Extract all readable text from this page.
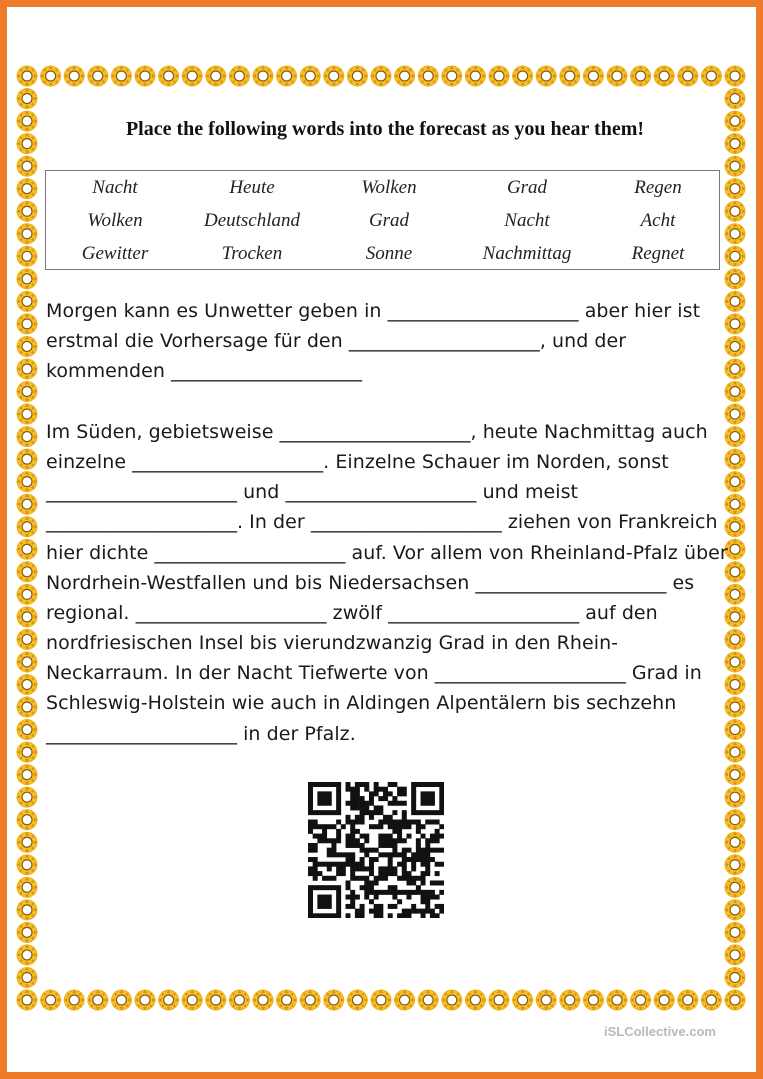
Place the following words into the forecast as you hear them!
Nacht	Heute	Wolken	Grad	Regen
Wolken	Deutschland	Grad	Nacht	Acht
Gewitter	Trocken	Sonne	Nachmittag	Regnet
Morgen kann es Unwetter geben in ____________________ aber hier ist
erstmal die Vorhersage für den ____________________, und der
kommenden ____________________
Im Süden, gebietsweise ____________________, heute Nachmittag auch
einzelne ____________________. Einzelne Schauer im Norden, sonst
____________________ und ____________________ und meist
____________________. In der ____________________ ziehen von Frankreich
hier dichte ____________________ auf. Vor allem von Rheinland-Pfalz über
Nordrhein-Westfallen und bis Niedersachsen ____________________ es
regional. ____________________ zwölf ____________________ auf den
nordfriesischen Insel bis vierundzwanzig Grad in den Rhein-
Neckarraum. In der Nacht Tiefwerte von ____________________ Grad in
Schleswig-Holstein wie auch in Aldingen Alpentälern bis sechzehn
____________________ in der Pfalz.
iSLCollective.com
